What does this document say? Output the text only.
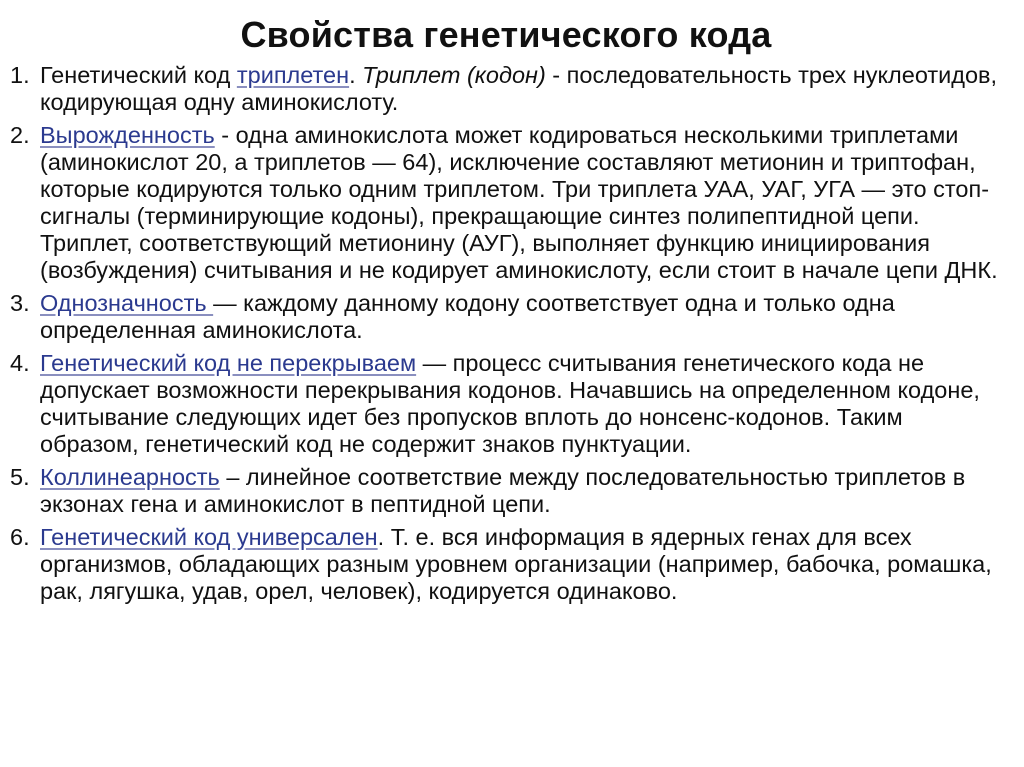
Свойства генетического кода
1. Генетический код триплетен. Триплет (кодон) - последовательность трех нуклеотидов, кодирующая одну аминокислоту.
2. Вырожденность - одна аминокислота может кодироваться несколькими триплетами (аминокислот 20, а триплетов — 64), исключение составляют метионин и триптофан, которые кодируются только одним триплетом. Три триплета УАА, УАГ, УГА — это стоп-сигналы (терминирующие кодоны), прекращающие синтез полипептидной цепи. Триплет, соответствующий метионину (АУГ), выполняет функцию инициирования (возбуждения) считывания и не кодирует аминокислоту, если стоит в начале цепи ДНК.
3. Однозначность — каждому данному кодону соответствует одна и только одна определенная аминокислота.
4. Генетический код не перекрываем — процесс считывания генетического кода не допускает возможности перекрывания кодонов. Начавшись на определенном кодоне, считывание следующих идет без пропусков вплоть до нонсенс-кодонов. Таким образом, генетический код не содержит знаков пунктуации.
5. Коллинеарность – линейное соответствие между последовательностью триплетов в экзонах гена и аминокислот в пептидной цепи.
6. Генетический код универсален. Т. е. вся информация в ядерных генах для всех организмов, обладающих разным уровнем организации (например, бабочка, ромашка, рак, лягушка, удав, орел, человек), кодируется одинаково.
